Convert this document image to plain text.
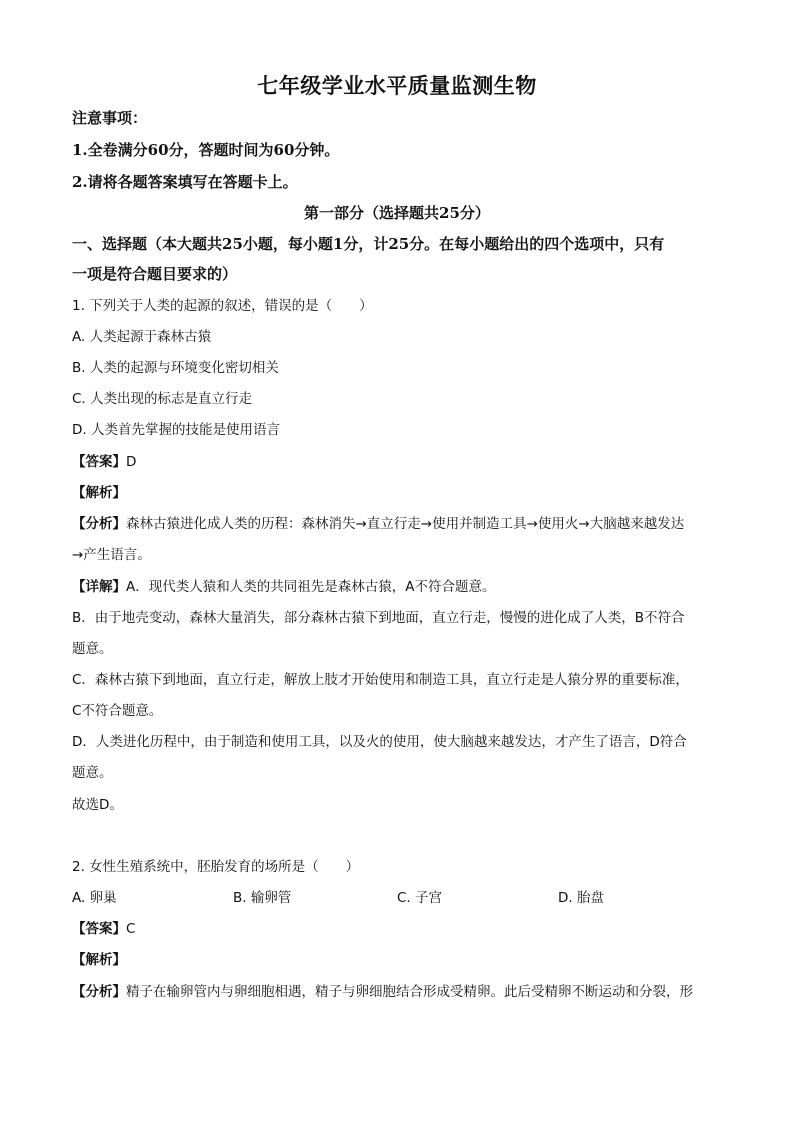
七年级学业水平质量监测生物
注意事项：
1.全卷满分60分，答题时间为60分钟。
2.请将各题答案填写在答题卡上。
第一部分（选择题共25分）
一、选择题（本大题共25小题，每小题1分，计25分。在每小题给出的四个选项中，只有
一项是符合题目要求的）
1. 下列关于人类的起源的叙述，错误的是（　　）
A. 人类起源于森林古猿
B. 人类的起源与环境变化密切相关
C. 人类出现的标志是直立行走
D. 人类首先掌握的技能是使用语言
【答案】D
【解析】
【分析】森林古猿进化成人类的历程：森林消失→直立行走→使用并制造工具→使用火→大脑越来越发达
→产生语言。
【详解】A．现代类人猿和人类的共同祖先是森林古猿，A不符合题意。
B．由于地壳变动，森林大量消失，部分森林古猿下到地面，直立行走，慢慢的进化成了人类，B不符合
题意。
C．森林古猿下到地面，直立行走，解放上肢才开始使用和制造工具，直立行走是人猿分界的重要标准，
C不符合题意。
D．人类进化历程中，由于制造和使用工具，以及火的使用，使大脑越来越发达，才产生了语言，D符合
题意。
故选D。
2. 女性生殖系统中，胚胎发育的场所是（　　）
A. 卵巢	B. 输卵管	C. 子宫	D. 胎盘
【答案】C
【解析】
【分析】精子在输卵管内与卵细胞相遇，精子与卵细胞结合形成受精卵。此后受精卵不断运动和分裂，形
